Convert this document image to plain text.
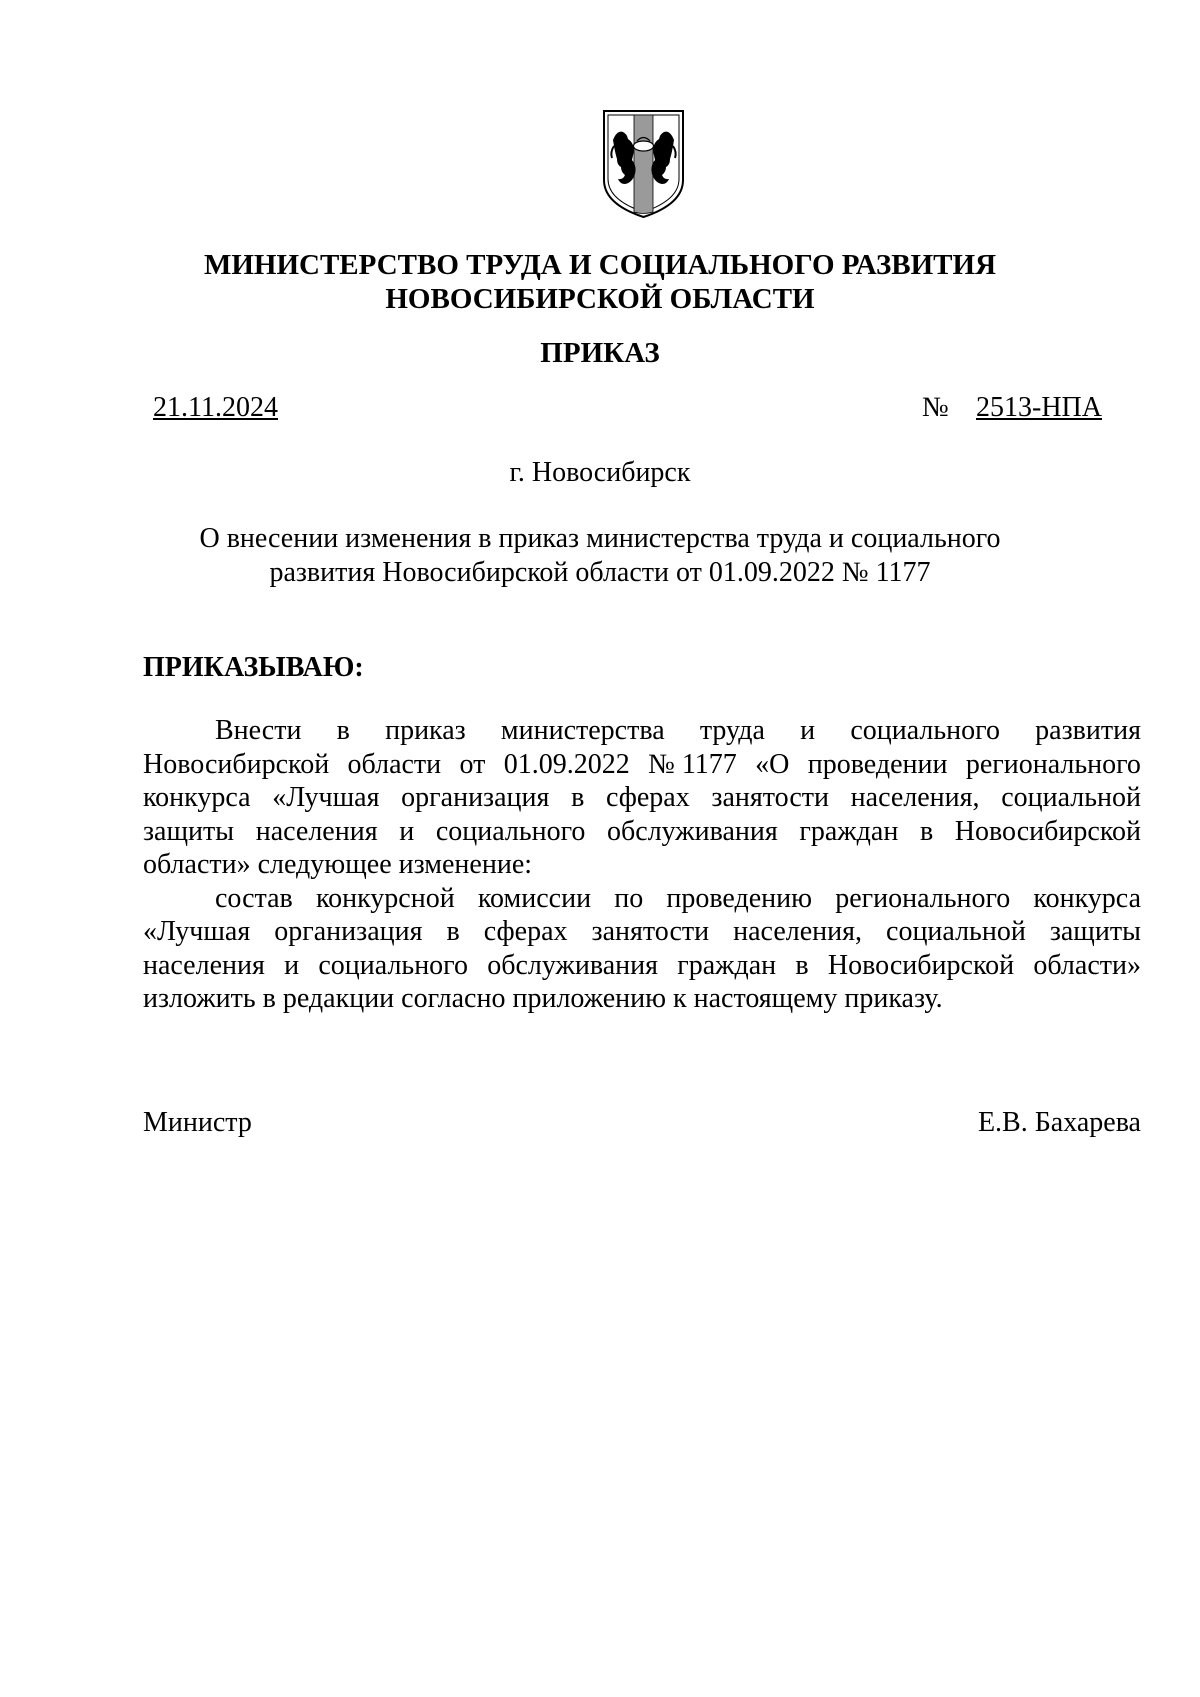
МИНИСТЕРСТВО ТРУДА И СОЦИАЛЬНОГО РАЗВИТИЯ
НОВОСИБИРСКОЙ ОБЛАСТИ
ПРИКАЗ
21.11.2024	№ 2513-НПА
г. Новосибирск
О внесении изменения в приказ министерства труда и социального
развития Новосибирской области от 01.09.2022 № 1177
ПРИКАЗЫВАЮ:
Внести в приказ министерства труда и социального развития
Новосибирской области от 01.09.2022 № 1177 «О проведении регионального
конкурса «Лучшая организация в сферах занятости населения, социальной
защиты населения и социального обслуживания граждан в Новосибирской
области» следующее изменение:
состав конкурсной комиссии по проведению регионального конкурса
«Лучшая организация в сферах занятости населения, социальной защиты
населения и социального обслуживания граждан в Новосибирской области»
изложить в редакции согласно приложению к настоящему приказу.
Министр	Е.В. Бахарева
